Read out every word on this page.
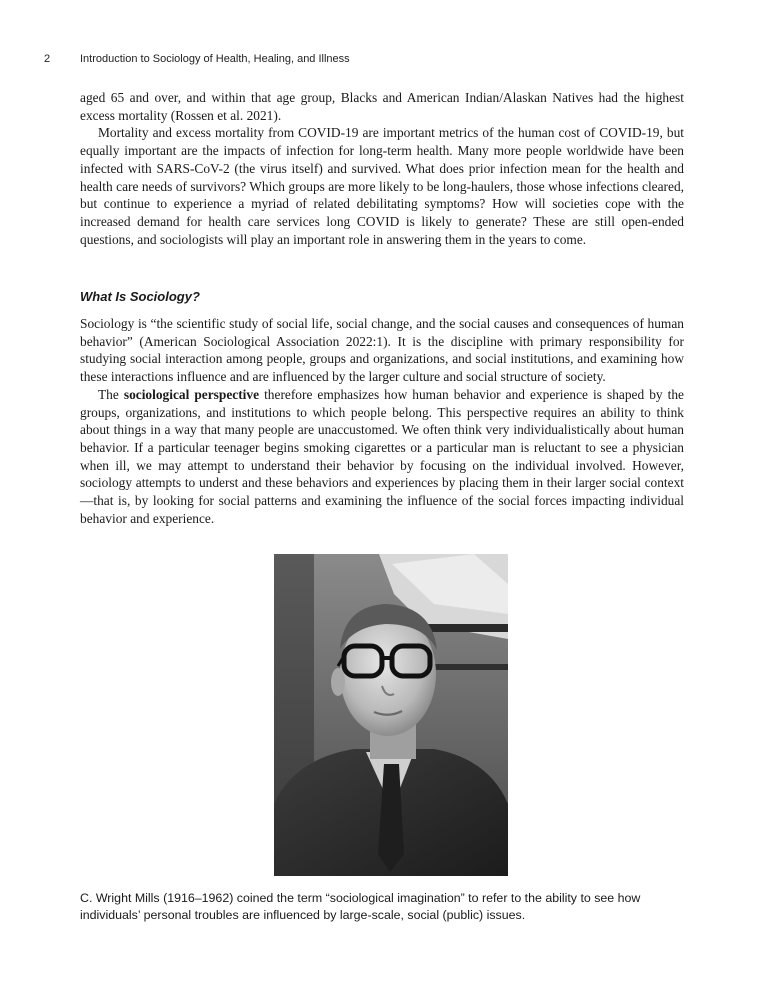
2	Introduction to Sociology of Health, Healing, and Illness

aged 65 and over, and within that age group, Blacks and American Indian/Alaskan Natives had the highest excess mortality (Rossen et al. 2021).

Mortality and excess mortality from COVID-19 are important metrics of the human cost of COVID-19, but equally important are the impacts of infection for long-term health. Many more people worldwide have been infected with SARS-CoV-2 (the virus itself) and survived. What does prior infection mean for the health and health care needs of survivors? Which groups are more likely to be long-haulers, those whose infections cleared, but continue to experience a myriad of related debilitating symptoms? How will societies cope with the increased demand for health care services long COVID is likely to generate? These are still open-ended questions, and sociologists will play an important role in answering them in the years to come.

What Is Sociology?

Sociology is “the scientific study of social life, social change, and the social causes and consequences of human behavior” (American Sociological Association 2022:1). It is the discipline with primary responsibility for studying social interaction among people, groups and organizations, and social institutions, and examining how these interactions influence and are influenced by the larger culture and social structure of society.

The sociological perspective therefore emphasizes how human behavior and experience is shaped by the groups, organizations, and institutions to which people belong. This perspective requires an ability to think about things in a way that many people are unaccustomed. We often think very individualistically about human behavior. If a particular teenager begins smoking cigarettes or a particular man is reluctant to see a physician when ill, we may attempt to understand their behavior by focusing on the individual involved. However, sociology attempts to underst and these behaviors and experiences by placing them in their larger social context—that is, by looking for social patterns and examining the influence of the social forces impacting individual behavior and experience.

C. Wright Mills (1916–1962) coined the term “sociological imagination” to refer to the ability to see how individuals’ personal troubles are influenced by large-scale, social (public) issues.
